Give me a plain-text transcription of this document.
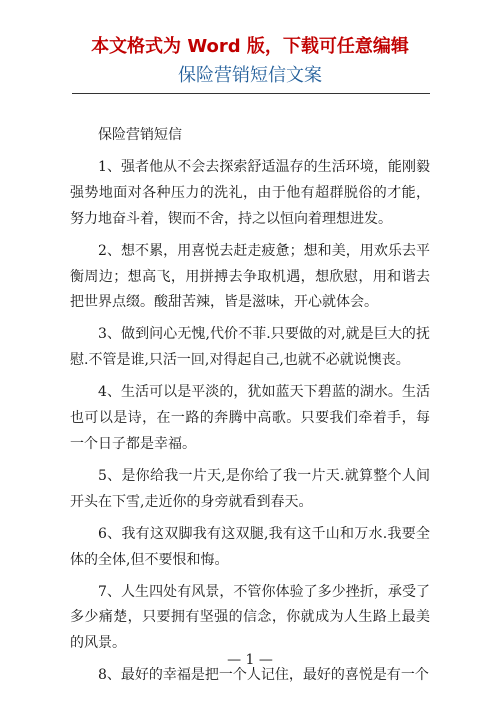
本文格式为 Word 版，下载可任意编辑
保险营销短信文案

保险营销短信

1、强者他从不会去探索舒适温存的生活环境，能刚毅强势地面对各种压力的洗礼，由于他有超群脱俗的才能，努力地奋斗着，锲而不舍，持之以恒向着理想进发。

2、想不累，用喜悦去赶走疲惫；想和美，用欢乐去平衡周边；想高飞，用拼搏去争取机遇，想欣慰，用和谐去把世界点缀。酸甜苦辣，皆是滋味，开心就体会。

3、做到问心无愧,代价不菲.只要做的对,就是巨大的抚慰.不管是谁,只活一回,对得起自己,也就不必就说懊丧。

4、生活可以是平淡的，犹如蓝天下碧蓝的湖水。生活也可以是诗，在一路的奔腾中高歌。只要我们牵着手，每一个日子都是幸福。

5、是你给我一片天,是你给了我一片天.就算整个人间开头在下雪,走近你的身旁就看到春天。

6、我有这双脚我有这双腿,我有这千山和万水.我要全体的全体,但不要恨和悔。

7、人生四处有风景，不管你体验了多少挫折，承受了多少痛楚，只要拥有坚强的信念，你就成为人生路上最美的风景。

8、最好的幸福是把一个人记住，最好的喜悦是有一个

— 1 —
